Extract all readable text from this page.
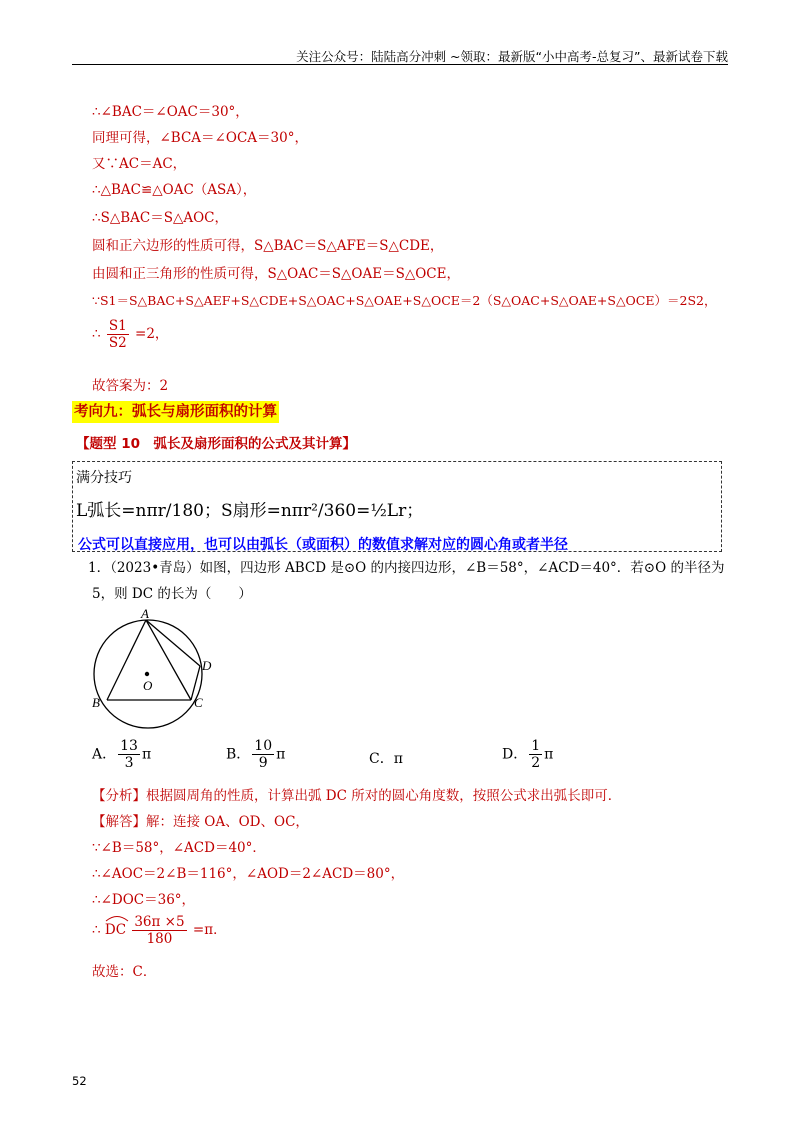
关注公众号：陆陆高分冲刺 ~领取：最新版“小中高考-总复习”、最新试卷下载
∴∠BAC＝∠OAC＝30°，
同理可得，∠BCA＝∠OCA＝30°，
又∵AC＝AC，
∴△BAC≌△OAC（ASA），
∴S△BAC＝S△AOC，
圆和正六边形的性质可得，S△BAC＝S△AFE＝S△CDE，
由圆和正三角形的性质可得，S△OAC＝S△OAE＝S△OCE，
∵S1＝S△BAC+S△AEF+S△CDE+S△OAC+S△OAE+S△OCE＝2（S△OAC+S△OAE+S△OCE）＝2S2，
∴ $\frac{S1}{S2} =2$，
故答案为：2
考向九：弧长与扇形面积的计算
【题型 10　弧长及扇形面积的公式及其计算】
满分技巧
L弧长=nπr/180；S扇形=nπr²/360=½Lr；
公式可以直接应用，也可以由弧长（或面积）的数值求解对应的圆心角或者半径
1．（2023•青岛）如图，四边形 ABCD 是⊙O 的内接四边形，∠B＝58°，∠ACD＝40°．若⊙O 的半径为
5，则 DC 的长为（　　）
A
B	C
D
O
A． $\frac{13}{3}$ π	B． $\frac{10}{9}$ π	C．π	D． $\frac{1}{2}$ π
【分析】根据圆周角的性质，计算出弧 DC 所对的圆心角度数，按照公式求出弧长即可．
【解答】解：连接 OA、OD、OC，
∵∠B＝58°，∠ACD＝40°．
∴∠AOC＝2∠B＝116°，∠AOD＝2∠ACD＝80°，
∴∠DOC＝36°，
∴ DC $\frac{36\pi \times 5}{180} =\pi$．
故选：C．
52
